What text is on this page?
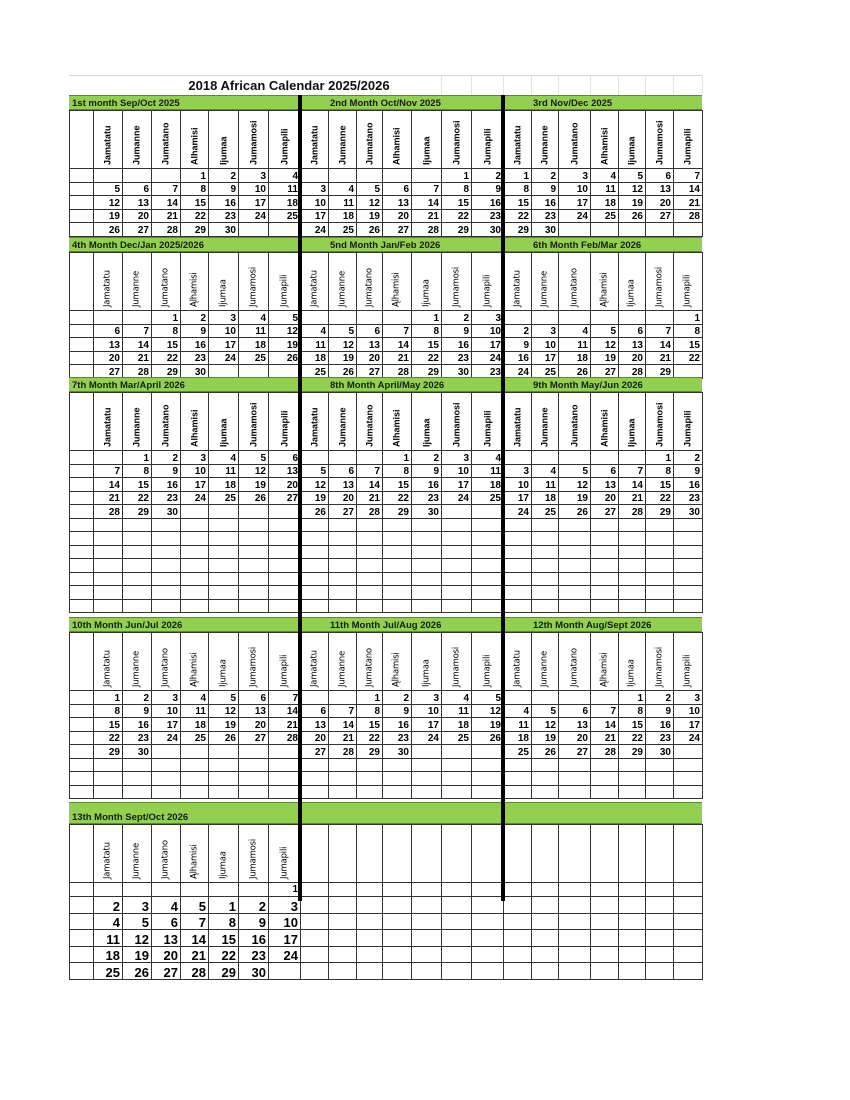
2018 African Calendar 2025/2026
1st month Sep/Oct 2025

	Jamatatu	Jumanne	Jumatano	Alhamisi	Ijumaa	Jumamosi	Jumapili

				1	2	3	4
	5	6	7	8	9	10	11
	12	13	14	15	16	17	18
	19	20	21	22	23	24	25
	26	27	28	29	30		
2nd Month Oct/Nov 2025
Jamatatu	Jumanne	Jumatano	Alhamisi	Ijumaa	Jumamosi	Jumapili

					1	2
3	4	5	6	7	8	9
10	11	12	13	14	15	16
17	18	19	20	21	22	23
24	25	26	27	28	29	30
3rd Nov/Dec 2025
Jamatatu	Jumanne	Jumatano	Alhamisi	Ijumaa	Jumamosi	Jumapili

1	2	3	4	5	6	7
8	9	10	11	12	13	14
15	16	17	18	19	20	21
22	23	24	25	26	27	28
29	30					
4th Month Dec/Jan 2025/2026

	Jamatatu	Jumanne	Jumatano	Ąlhamisi	Ijumaa	Jumamosi	Jumapili

			1	2	3	4	5
	6	7	8	9	10	11	12
	13	14	15	16	17	18	19
	20	21	22	23	24	25	26
	27	28	29	30			
5nd Month Jan/Feb 2026
Jamatatu	Jumanne	Jumatano	Ąlhamisi	Ijumaa	Jumamosi	Jumapili

				1	2	3
4	5	6	7	8	9	10
11	12	13	14	15	16	17
18	19	20	21	22	23	24
25	26	27	28	29	30	23
6th Month Feb/Mar 2026
Jamatatu	Jumanne	Jumatano	Ąlhamisi	Ijumaa	Jumamosi	Jumapili

						1
2	3	4	5	6	7	8
9	10	11	12	13	14	15
16	17	18	19	20	21	22
24	25	26	27	28	29	
7th Month Mar/April 2026

	Jamatatu	Jumanne	Jumatano	Alhamisi	Ijumaa	Jumamosi	Jumapili

		1	2	3	4	5	6
	7	8	9	10	11	12	13
	14	15	16	17	18	19	20
	21	22	23	24	25	26	27
	28	29	30				

8th Month April/May 2026
Jamatatu	Jumanne	Jumatano	Alhamisi	Ijumaa	Jumamosi	Jumapili

			1	2	3	4
5	6	7	8	9	10	11
12	13	14	15	16	17	18
19	20	21	22	23	24	25
26	27	28	29	30		

9th Month May/Jun 2026
Jamatatu	Jumanne	Jumatano	Alhamisi	Ijumaa	Jumamosi	Jumapili

					1	2
3	4	5	6	7	8	9
10	11	12	13	14	15	16
17	18	19	20	21	22	23
24	25	26	27	28	29	30

10th Month Jun/Jul 2026

	Jamatatu	Jumanne	Jumatano	Ąlhamisi	Ijumaa	Jumamosi	Jumapili

	1	2	3	4	5	6	7
	8	9	10	11	12	13	14
	15	16	17	18	19	20	21
	22	23	24	25	26	27	28
	29	30					

11th Month Jul/Aug 2026
Jamatatu	Jumanne	Jumatano	Ąlhamisi	Ijumaa	Jumamosi	Jumapili

		1	2	3	4	5
6	7	8	9	10	11	12
13	14	15	16	17	18	19
20	21	22	23	24	25	26
27	28	29	30			

12th Month Aug/Sept 2026
Jamatatu	Jumanne	Jumatano	Ąlhamisi	Ijumaa	Jumamosi	Jumapili

				1	2	3
4	5	6	7	8	9	10
11	12	13	14	15	16	17
18	19	20	21	22	23	24
25	26	27	28	29	30	

13th Month Sept/Oct 2026

	Jamatatu	Jumanne	Jumatano	Ąlhamisi	Ijumaa	Jumamosi	Jumapili

							1
	2	3	4	5	1	2	3
	4	5	6	7	8	9	10
	11	12	13	14	15	16	17
	18	19	20	21	22	23	24
	25	26	27	28	29	30	
